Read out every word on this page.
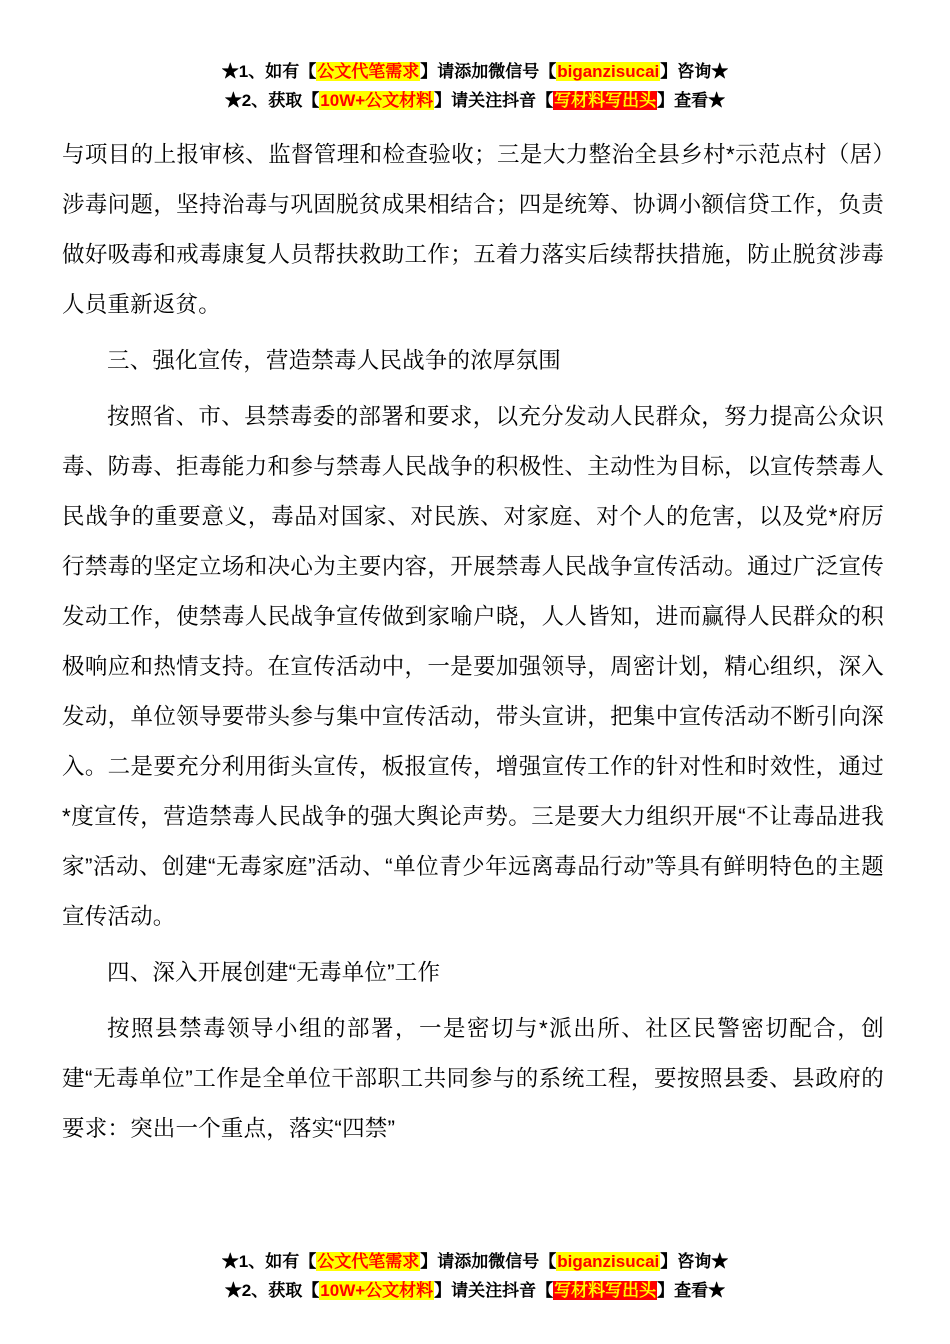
★1、如有【公文代笔需求】请添加微信号【biganzisucai】咨询★
★2、获取【10W+公文材料】请关注抖音【写材料写出头】查看★

与项目的上报审核、监督管理和检查验收；三是大力整治全县乡村*示范点村（居）涉毒问题，坚持治毒与巩固脱贫成果相结合；四是统筹、协调小额信贷工作，负责做好吸毒和戒毒康复人员帮扶救助工作；五着力落实后续帮扶措施，防止脱贫涉毒人员重新返贫。

三、强化宣传，营造禁毒人民战争的浓厚氛围

按照省、市、县禁毒委的部署和要求，以充分发动人民群众，努力提高公众识毒、防毒、拒毒能力和参与禁毒人民战争的积极性、主动性为目标，以宣传禁毒人民战争的重要意义，毒品对国家、对民族、对家庭、对个人的危害，以及党*府厉行禁毒的坚定立场和决心为主要内容，开展禁毒人民战争宣传活动。通过广泛宣传发动工作，使禁毒人民战争宣传做到家喻户晓，人人皆知，进而赢得人民群众的积极响应和热情支持。在宣传活动中，一是要加强领导，周密计划，精心组织，深入发动，单位领导要带头参与集中宣传活动，带头宣讲，把集中宣传活动不断引向深入。二是要充分利用街头宣传，板报宣传，增强宣传工作的针对性和时效性，通过*度宣传，营造禁毒人民战争的强大舆论声势。三是要大力组织开展“不让毒品进我家”活动、创建“无毒家庭”活动、“单位青少年远离毒品行动”等具有鲜明特色的主题宣传活动。

四、深入开展创建“无毒单位”工作

按照县禁毒领导小组的部署，一是密切与*派出所、社区民警密切配合，创建“无毒单位”工作是全单位干部职工共同参与的系统工程，要按照县委、县政府的要求：突出一个重点，落实“四禁”

★1、如有【公文代笔需求】请添加微信号【biganzisucai】咨询★
★2、获取【10W+公文材料】请关注抖音【写材料写出头】查看★
